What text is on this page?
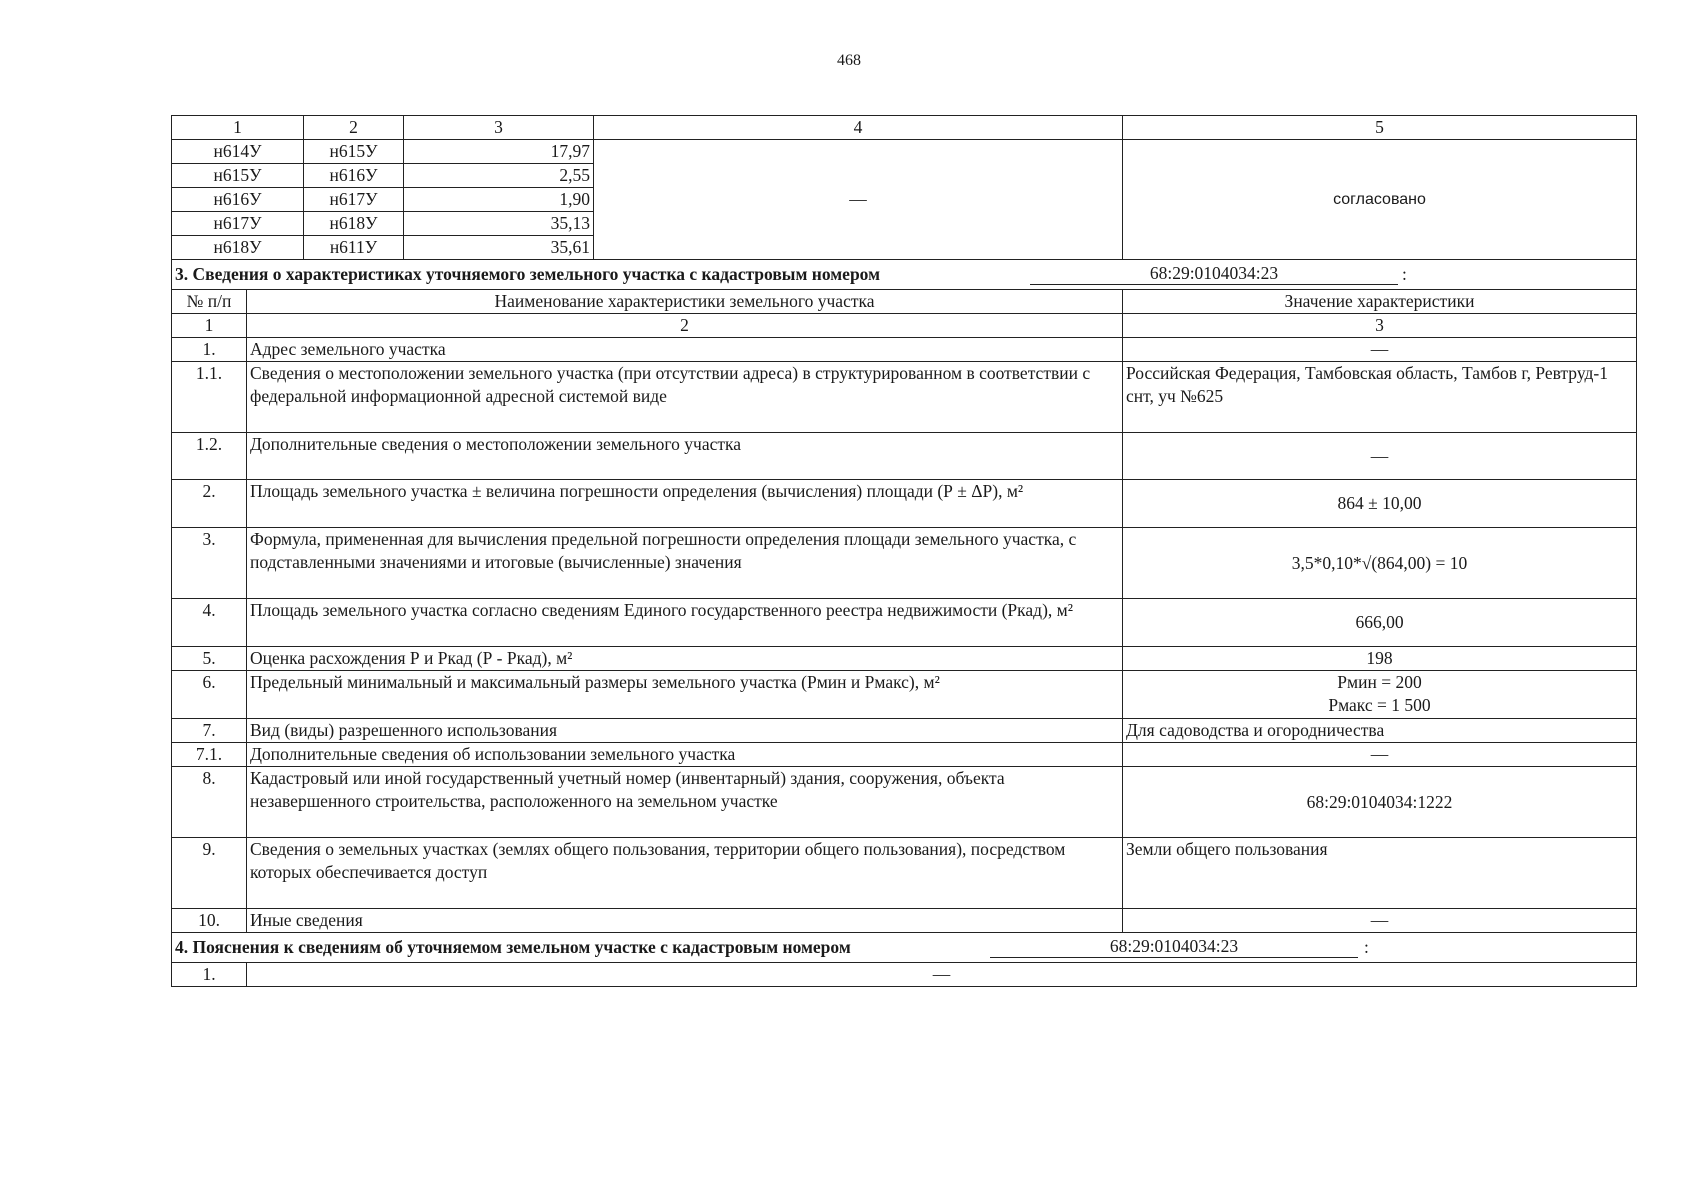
468
1		2	3	4	5
н614У		н615У	17,97	—	согласовано
н615У		н616У	2,55		
н616У		н617У	1,90		
н617У		н618У	35,13		
н618У		н611У	35,61		

3. Сведения о характеристиках уточняемого земельного участка с кадастровым номером 68:29:0104034:23 :					

№ п/п	Наименование характеристики земельного участка				Значение характеристики
1	2				3
1.	Адрес земельного участка				—
1.1.	Сведения о местоположении земельного участка (при отсутствии адреса) в структурированном в соответствии с федеральной информационной адресной системой виде				Российская Федерация, Тамбовская область, Тамбов г, Ревтруд-1 снт, уч №625
1.2.	Дополнительные сведения о местоположении земельного участка				—
2.	Площадь земельного участка ± величина погрешности определения (вычисления) площади (Р ± ΔР), м²				864 ± 10,00
3.	Формула, примененная для вычисления предельной погрешности определения площади земельного участка, с подставленными значениями и итоговые (вычисленные) значения				3,5*0,10*√(864,00) = 10
4.	Площадь земельного участка согласно сведениям Единого государственного реестра недвижимости (Ркад), м²				666,00
5.	Оценка расхождения Р и Ркад (Р - Ркад), м²				198
6.	Предельный минимальный и максимальный размеры земельного участка (Рмин и Рмакс), м²				Рмин = 200
Рмакс = 1 500

7.	Вид (виды) разрешенного использования				Для садоводства и огородничества
7.1.	Дополнительные сведения об использовании земельного участка				—
8.	Кадастровый или иной государственный учетный номер (инвентарный) здания, сооружения, объекта незавершенного строительства, расположенного на земельном участке				68:29:0104034:1222
9.	Сведения о земельных участках (землях общего пользования, территории общего пользования), посредством которых обеспечивается доступ				Земли общего пользования
10.	Иные сведения				—

4. Пояснения к сведениям об уточняемом земельном участке с кадастровым номером 68:29:0104034:23 :					

1.	—				
